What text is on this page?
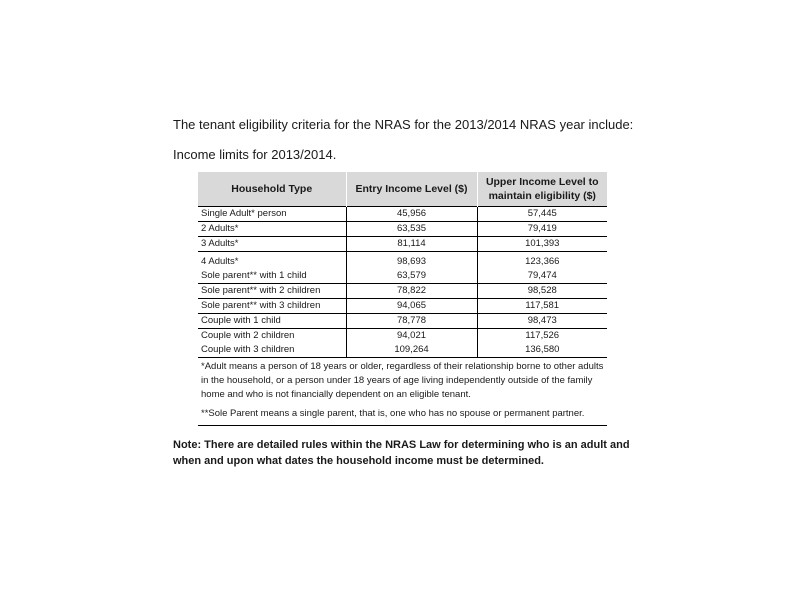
The tenant eligibility criteria for the NRAS for the 2013/2014 NRAS year include:
Income limits for 2013/2014.
Household Type	Entry Income Level ($)	Upper Income Level to maintain eligibility ($)
Single Adult* person	45,956	57,445
2 Adults*	63,535	79,419
3 Adults*	81,114	101,393
4 Adults*	98,693	123,366
Sole parent** with 1 child	63,579	79,474
Sole parent** with 2 children	78,822	98,528
Sole parent** with 3 children	94,065	117,581
Couple with 1 child	78,778	98,473
Couple with 2 children	94,021	117,526
Couple with 3 children	109,264	136,580
*Adult means a person of 18 years or older, regardless of their relationship borne to other adults in the household, or a person under 18 years of age living independently outside of the family home and who is not financially dependent on an eligible tenant.
**Sole Parent means a single parent, that is, one who has no spouse or permanent partner.
Note: There are detailed rules within the NRAS Law for determining who is an adult and when and upon what dates the household income must be determined.
